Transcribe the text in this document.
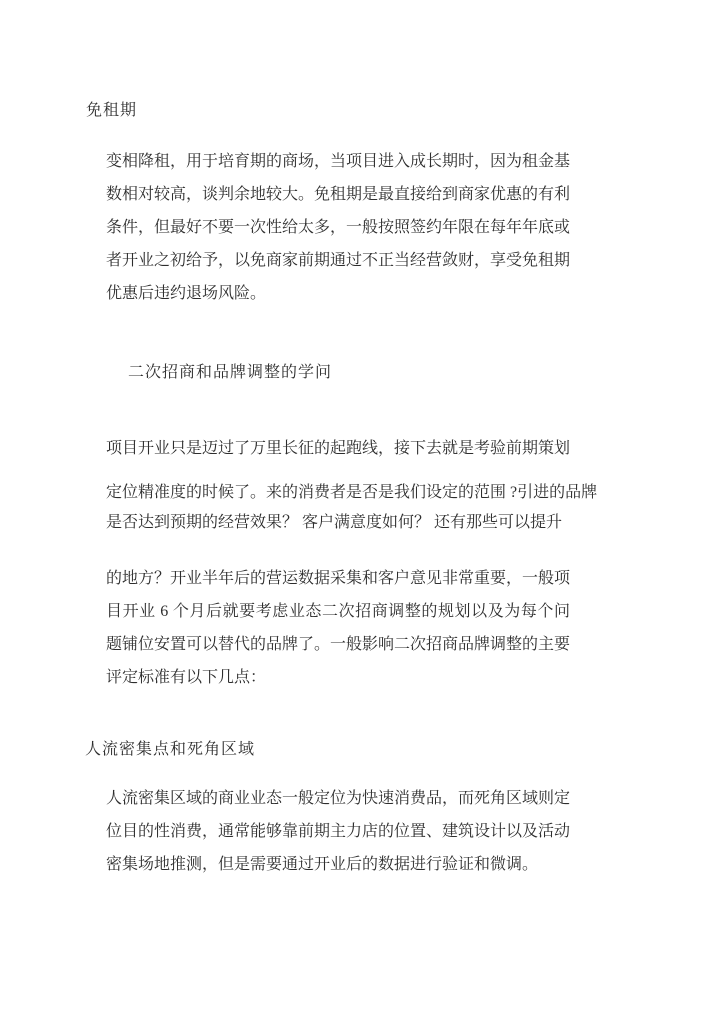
免租期
变相降租，用于培育期的商场，当项目进入成长期时，因为租金基
数相对较高，谈判余地较大。免租期是最直接给到商家优惠的有利
条件，但最好不要一次性给太多，一般按照签约年限在每年年底或
者开业之初给予，以免商家前期通过不正当经营敛财，享受免租期
优惠后违约退场风险。
二次招商和品牌调整的学问
项目开业只是迈过了万里长征的起跑线，接下去就是考验前期策划
定位精准度的时候了。来的消费者是否是我们设定的范围 ?引进的品牌
是否达到预期的经营效果？ 客户满意度如何？ 还有那些可以提升
的地方？开业半年后的营运数据采集和客户意见非常重要，一般项
目开业 6 个月后就要考虑业态二次招商调整的规划以及为每个问
题铺位安置可以替代的品牌了。一般影响二次招商品牌调整的主要
评定标准有以下几点：
人流密集点和死角区域
人流密集区域的商业业态一般定位为快速消费品，而死角区域则定
位目的性消费，通常能够靠前期主力店的位置、建筑设计以及活动
密集场地推测，但是需要通过开业后的数据进行验证和微调。
